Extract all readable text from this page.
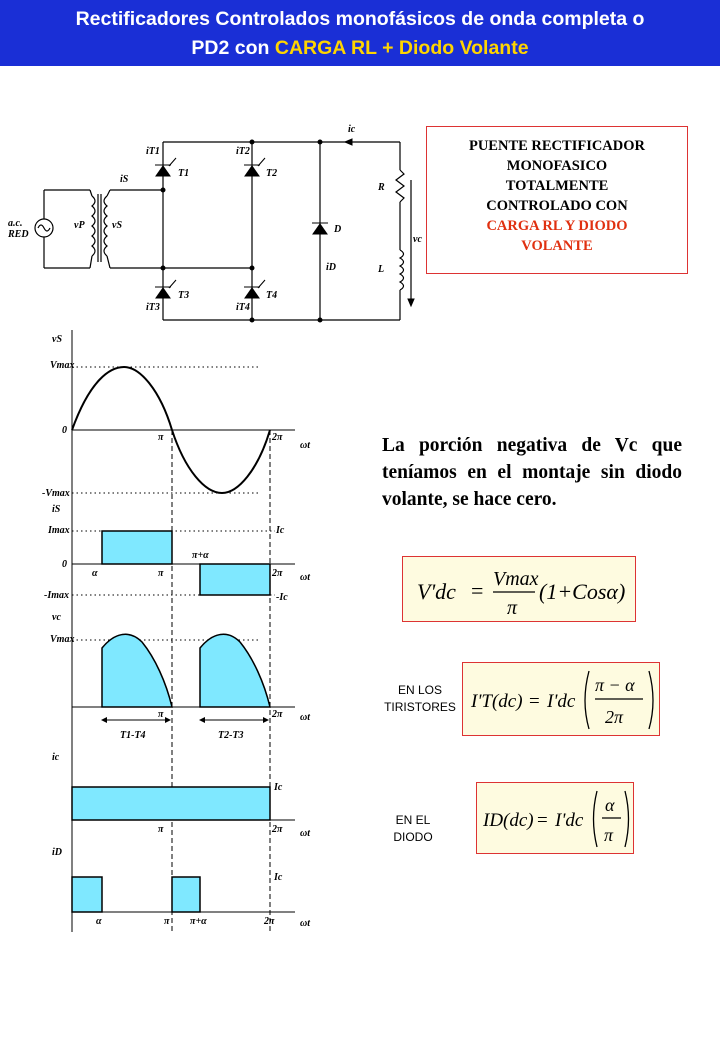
Rectificadores Controlados monofásicos de onda completa o
PD2 con CARGA RL + Diodo Volante
a.c.
RED
vP	vS
iS
iT1	iT2
iT3	iT4
T1	T2
T3	T4
ic
D
iD
R
L
vc
PUENTE RECTIFICADOR
MONOFASICO
TOTALMENTE
CONTROLADO CON
CARGA RL Y DIODO
VOLANTE
vS
Vmax
0
-Vmax
π	2π
ωt
iS
Imax
0
-Imax
α	π
π+α
2π
Ic
-Ic
ωt
vc
Vmax
π	2π ωt
T1-T4	T2-T3
ic
Ic
π	2π ωt
iD
Ic
α	π π+α	2π	ωt
La porción negativa de Vc que teníamos en el montaje sin diodo volante, se hace cero.
V'dc = Vmax
π
(1+Cosα)
EN LOS
TIRISTORES I'T(dc) = I'dc
π − α
2π
EN EL
DIODO
ID(dc) = I'dc
α
π
